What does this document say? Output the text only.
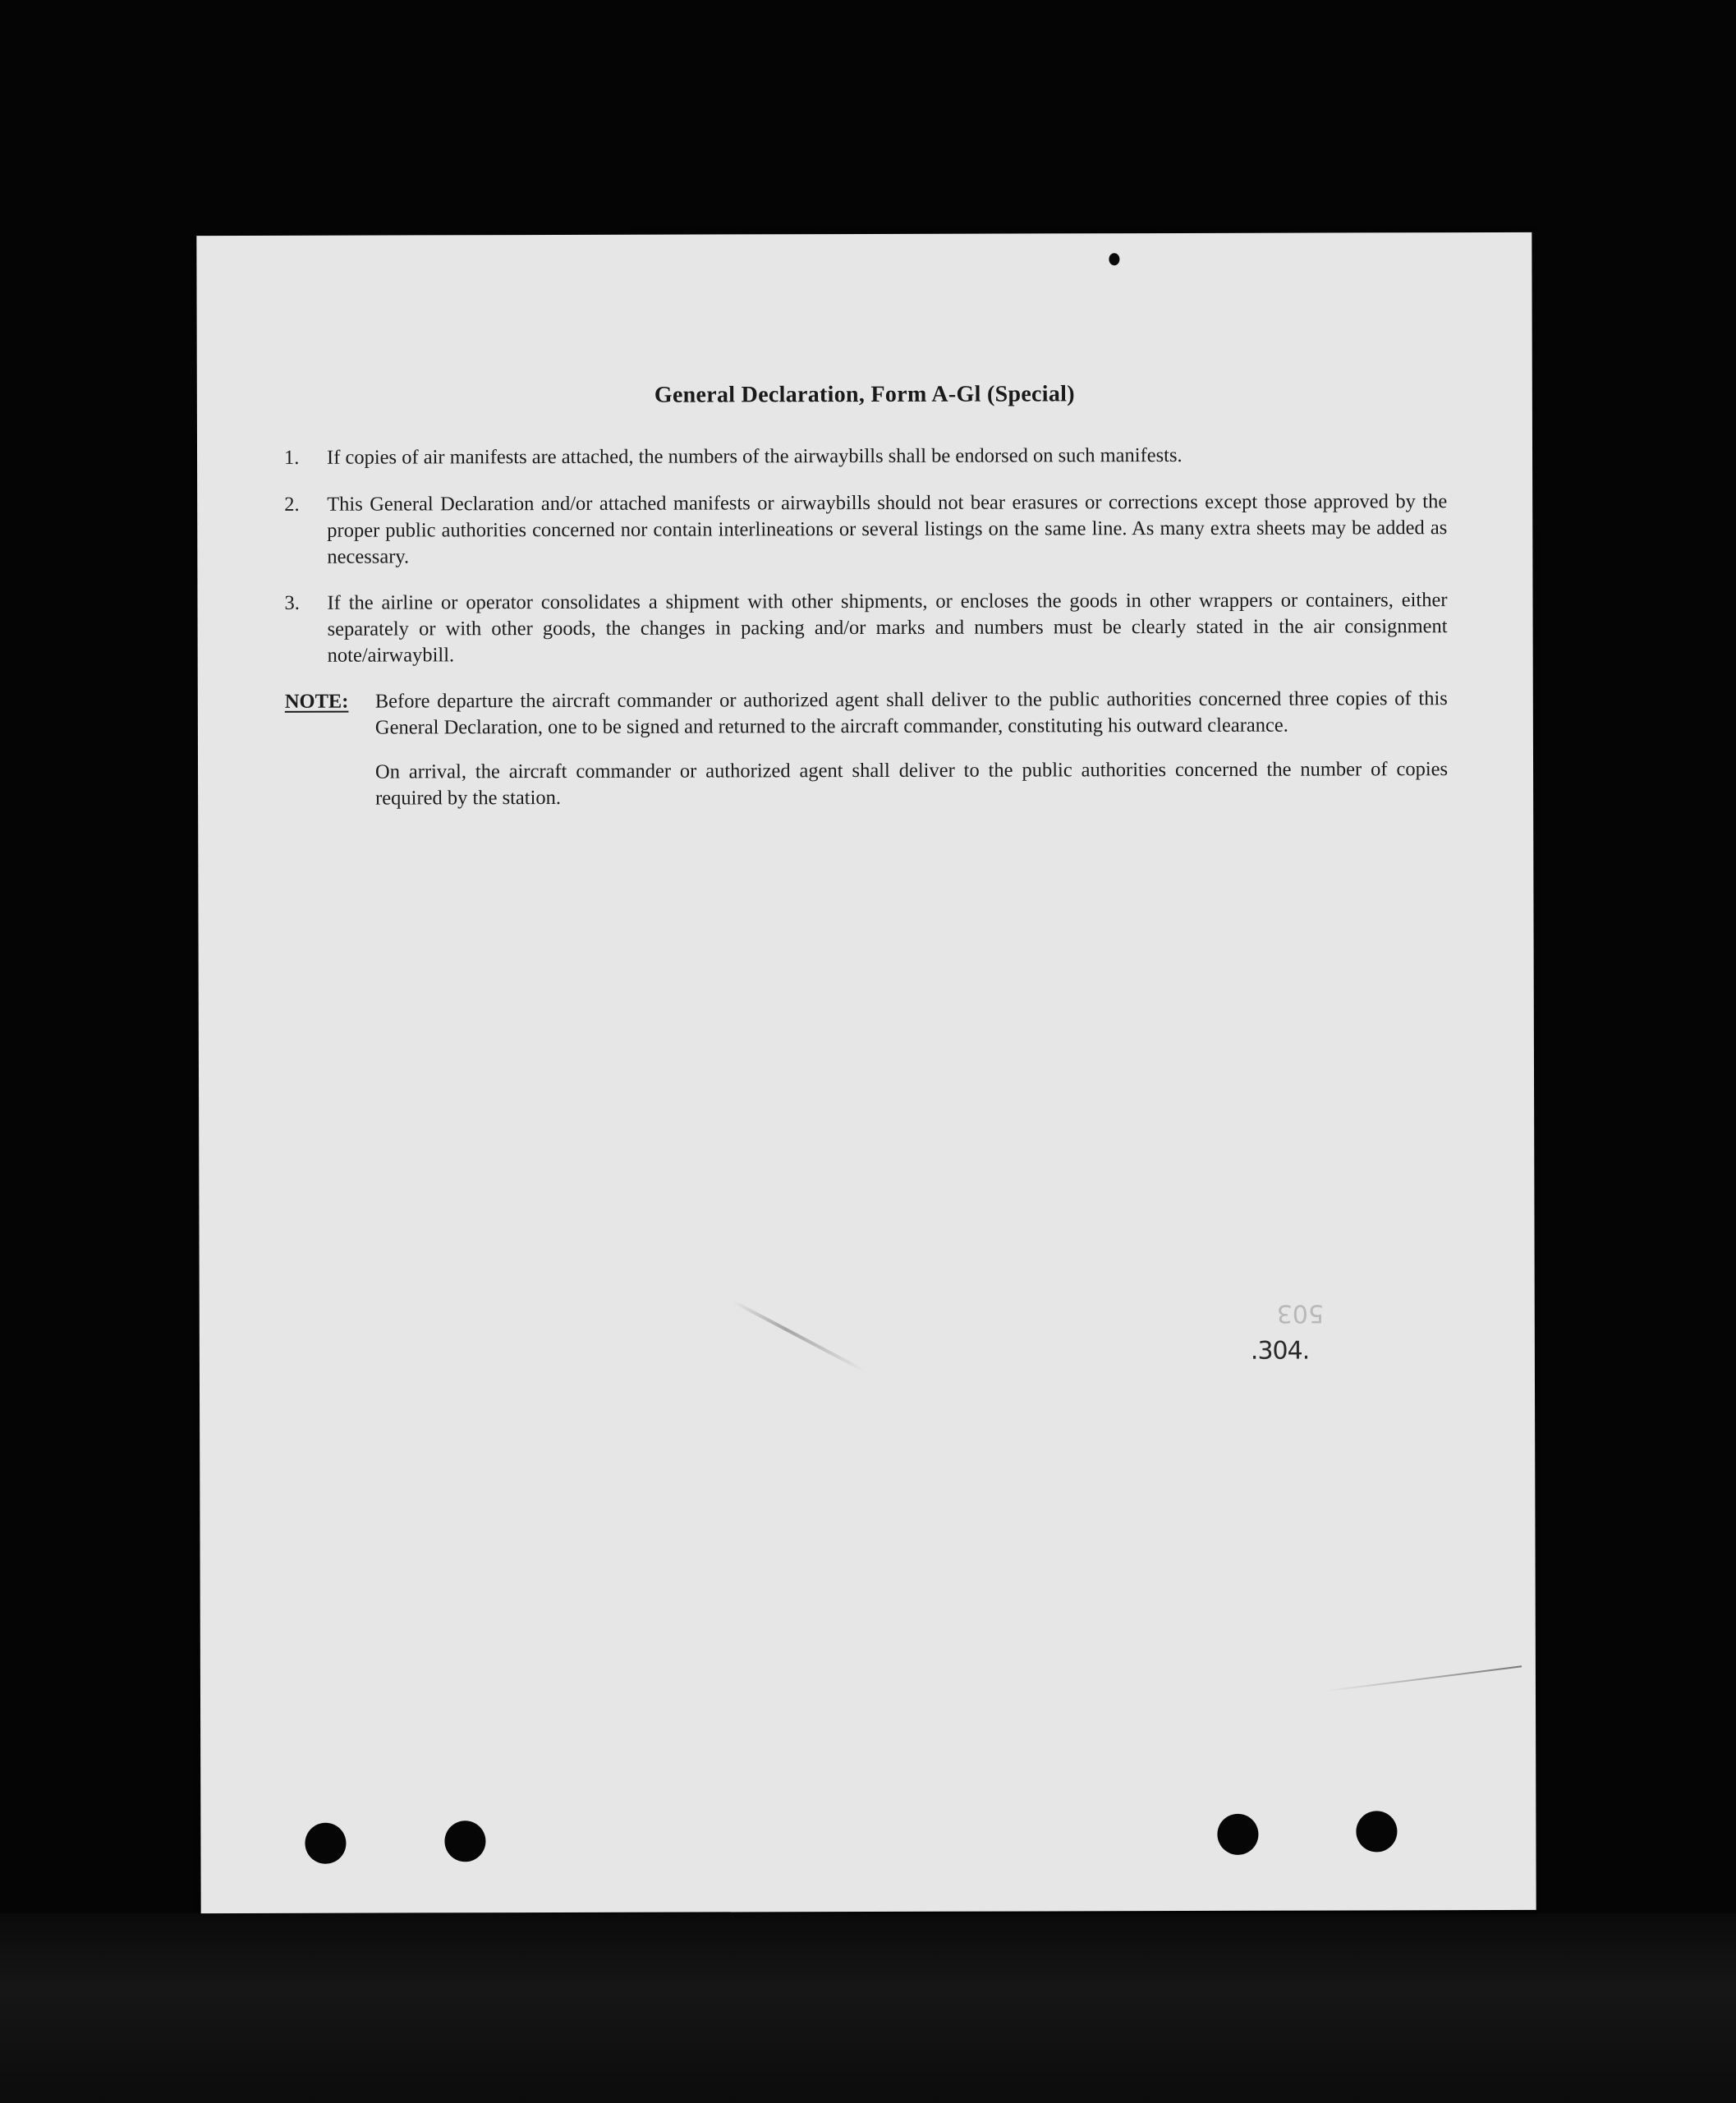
General Declaration, Form A-Gl (Special)
1.	If copies of air manifests are attached, the numbers of the airwaybills shall be endorsed on such manifests.
2.	This General Declaration and/or attached manifests or airwaybills should not bear erasures or corrections except those approved by the proper public authorities concerned nor contain interlineations or several listings on the same line. As many extra sheets may be added as necessary.
3.	If the airline or operator consolidates a shipment with other shipments, or encloses the goods in other wrappers or containers, either separately or with other goods, the changes in packing and/or marks and numbers must be clearly stated in the air consignment note/airwaybill.
NOTE: Before departure the aircraft commander or authorized agent shall deliver to the public authorities concerned three copies of this General Declaration, one to be signed and returned to the aircraft commander, constituting his outward clearance.
On arrival, the aircraft commander or authorized agent shall deliver to the public authorities concerned the number of copies required by the station.
503
.304.
